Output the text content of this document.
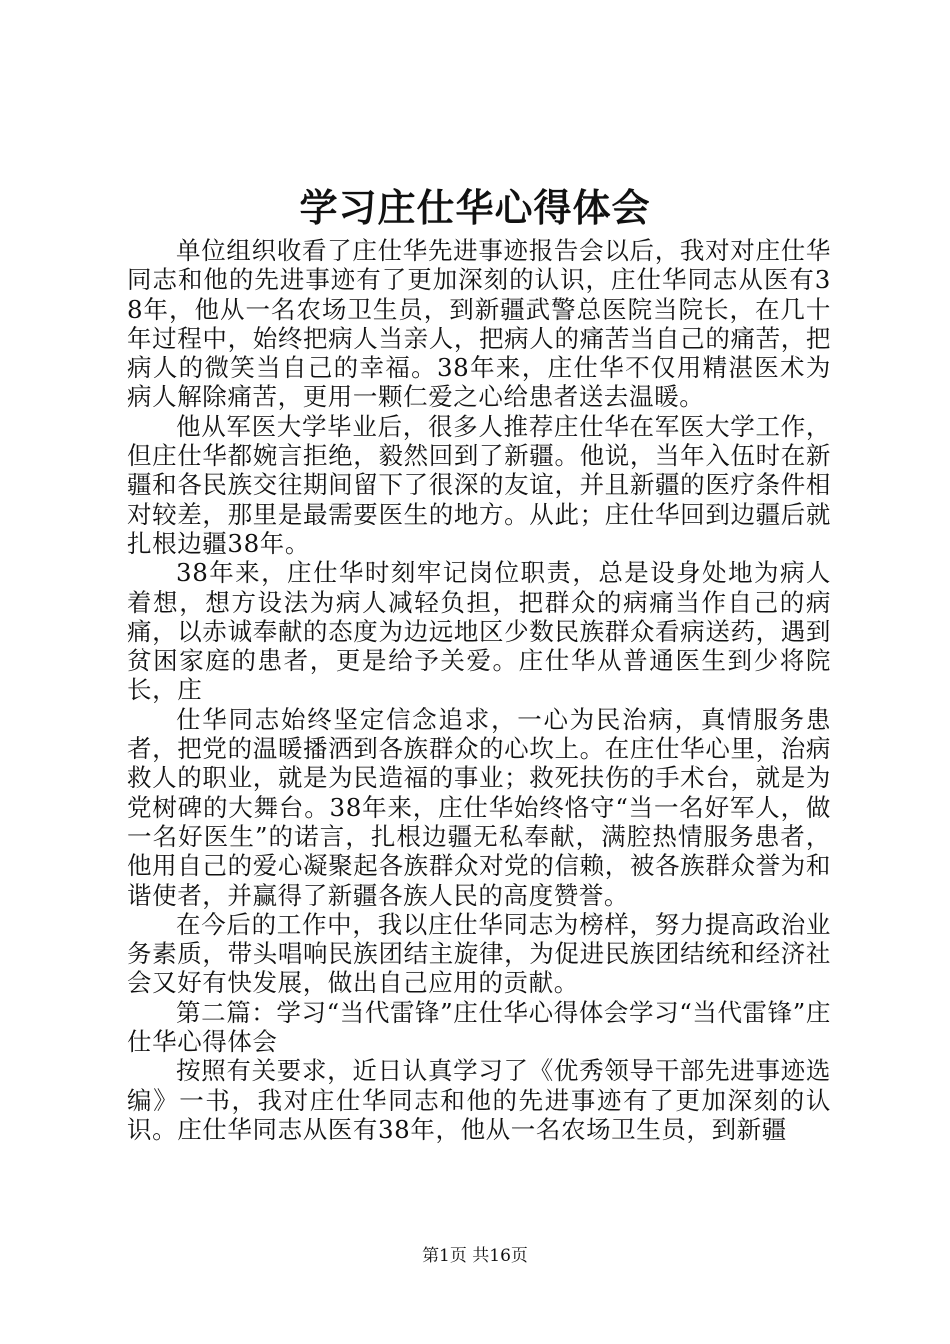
学习庄仕华心得体会

单位组织收看了庄仕华先进事迹报告会以后，我对对庄仕华同志和他的先进事迹有了更加深刻的认识，庄仕华同志从医有38年，他从一名农场卫生员，到新疆武警总医院当院长，在几十年过程中，始终把病人当亲人，把病人的痛苦当自己的痛苦，把病人的微笑当自己的幸福。38年来，庄仕华不仅用精湛医术为病人解除痛苦，更用一颗仁爱之心给患者送去温暖。

他从军医大学毕业后，很多人推荐庄仕华在军医大学工作，但庄仕华都婉言拒绝，毅然回到了新疆。他说，当年入伍时在新疆和各民族交往期间留下了很深的友谊，并且新疆的医疗条件相对较差，那里是最需要医生的地方。从此；庄仕华回到边疆后就扎根边疆38年。

38年来，庄仕华时刻牢记岗位职责，总是设身处地为病人着想，想方设法为病人减轻负担，把群众的病痛当作自己的病痛，以赤诚奉献的态度为边远地区少数民族群众看病送药，遇到贫困家庭的患者，更是给予关爱。庄仕华从普通医生到少将院长，庄

仕华同志始终坚定信念追求，一心为民治病，真情服务患者，把党的温暖播洒到各族群众的心坎上。在庄仕华心里，治病救人的职业，就是为民造福的事业；救死扶伤的手术台，就是为党树碑的大舞台。38年来，庄仕华始终恪守“当一名好军人，做一名好医生”的诺言，扎根边疆无私奉献，满腔热情服务患者，他用自己的爱心凝聚起各族群众对党的信赖，被各族群众誉为和谐使者，并赢得了新疆各族人民的高度赞誉。

在今后的工作中，我以庄仕华同志为榜样，努力提高政治业务素质，带头唱响民族团结主旋律，为促进民族团结统和经济社会又好有快发展，做出自己应用的贡献。

第二篇：学习“当代雷锋”庄仕华心得体会学习“当代雷锋”庄仕华心得体会

按照有关要求，近日认真学习了《优秀领导干部先进事迹选编》一书，我对庄仕华同志和他的先进事迹有了更加深刻的认识。庄仕华同志从医有38年，他从一名农场卫生员，到新疆

第1页 共16页
